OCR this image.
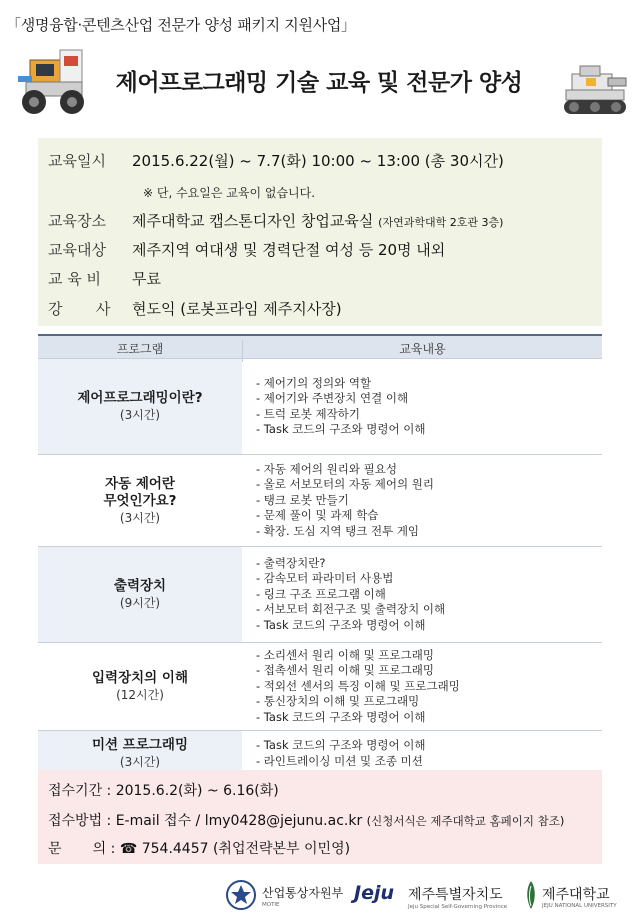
「생명융합·콘텐츠산업 전문가 양성 패키지 지원사업」
제어프로그래밍 기술 교육 및 전문가 양성
교육일시 2015.6.22(월) ~ 7.7(화) 10:00 ~ 13:00 (총 30시간)
※ 단, 수요일은 교육이 없습니다.
교육장소 제주대학교 캡스톤디자인 창업교육실 (자연과학대학 2호관 3층)
교육대상 제주지역 여대생 및 경력단절 여성 등 20명 내외
교 육 비 무료
강       사 현도익 (로봇프라임 제주지사장)
프로그램	교육내용
제어프로그래밍이란?
(3시간)
- 제어기의 정의와 역할
- 제어기와 주변장치 연결 이해
- 트럭 로봇 제작하기
- Task 코드의 구조와 명령어 이해
자동 제어란
무엇인가요?
(3시간)
- 자동 제어의 원리와 필요성
- 올로 서보모터의 자동 제어의 원리
- 탱크 로봇 만들기
- 문제 풀이 및 과제 학습
- 확장. 도심 지역 탱크 전투 게임
출력장치
(9시간)
- 출력장치란?
- 감속모터 파라미터 사용법
- 링크 구조 프로그램 이해
- 서보모터 회전구조 및 출력장치 이해
- Task 코드의 구조와 명령어 이해
입력장치의 이해
(12시간)
- 소리센서 원리 이해 및 프로그래밍
- 접촉센서 원리 이해 및 프로그래밍
- 적외선 센서의 특징 이해 및 프로그래밍
- 통신장치의 이해 및 프로그래밍
- Task 코드의 구조와 명령어 이해
미션 프로그래밍
(3시간)
- Task 코드의 구조와 명령어 이해
- 라인트레이싱 미션 및 조종 미션
접수기간 : 2015.6.2(화) ~ 6.16(화)
접수방법 : E-mail 접수 / lmy0428@jejunu.ac.kr (신청서식은 제주대학교 홈페이지 참조)
문       의 : ☎ 754.4457 (취업전략본부 이민영)
산업통상자원부
MOTIE
Jeju 제주특별자치도
Jeju Special Self-Governing Province
제주대학교
JEJU NATIONAL UNIVERSITY
